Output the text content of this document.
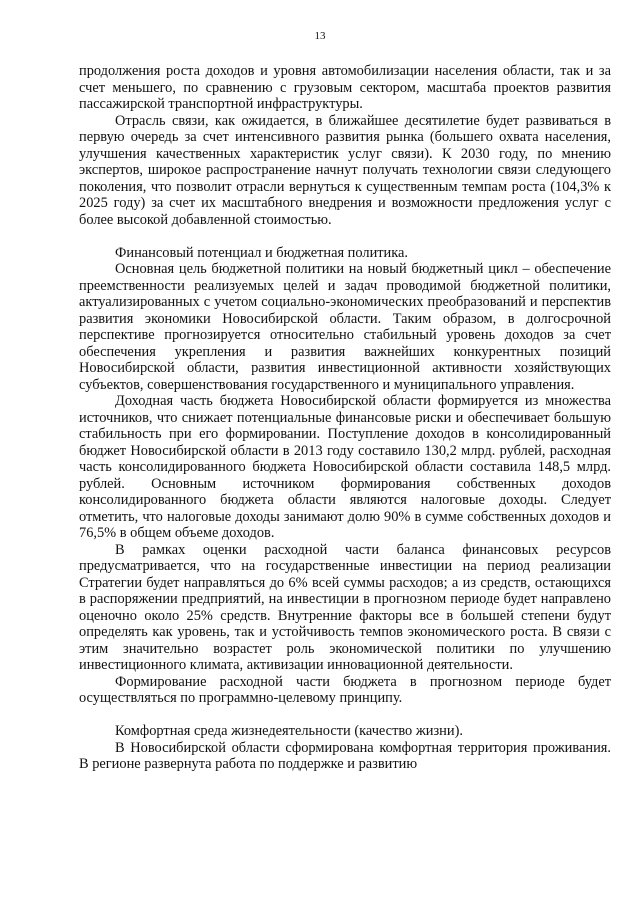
13

продолжения роста доходов и уровня автомобилизации населения области, так и за счет меньшего, по сравнению с грузовым сектором, масштаба проектов развития пассажирской транспортной инфраструктуры.

Отрасль связи, как ожидается, в ближайшее десятилетие будет развиваться в первую очередь за счет интенсивного развития рынка (большего охвата населения, улучшения качественных характеристик услуг связи). К 2030 году, по мнению экспертов, широкое распространение начнут получать технологии связи следующего поколения, что позволит отрасли вернуться к существенным темпам роста (104,3% к 2025 году) за счет их масштабного внедрения и возможности предложения услуг с более высокой добавленной стоимостью.

Финансовый потенциал и бюджетная политика.

Основная цель бюджетной политики на новый бюджетный цикл – обеспечение преемственности реализуемых целей и задач проводимой бюджетной политики, актуализированных с учетом социально-экономических преобразований и перспектив развития экономики Новосибирской области. Таким образом, в долгосрочной перспективе прогнозируется относительно стабильный уровень доходов за счет обеспечения укрепления и развития важнейших конкурентных позиций Новосибирской области, развития инвестиционной активности хозяйствующих субъектов, совершенствования государственного и муниципального управления.

Доходная часть бюджета Новосибирской области формируется из множества источников, что снижает потенциальные финансовые риски и обеспечивает большую стабильность при его формировании. Поступление доходов в консолидированный бюджет Новосибирской области в 2013 году составило 130,2 млрд. рублей, расходная часть консолидированного бюджета Новосибирской области составила 148,5 млрд. рублей. Основным источником формирования собственных доходов консолидированного бюджета области являются налоговые доходы. Следует отметить, что налоговые доходы занимают долю 90% в сумме собственных доходов и 76,5% в общем объеме доходов.

В рамках оценки расходной части баланса финансовых ресурсов предусматривается, что на государственные инвестиции на период реализации Стратегии будет направляться до 6% всей суммы расходов; а из средств, остающихся в распоряжении предприятий, на инвестиции в прогнозном периоде будет направлено оценочно около 25% средств. Внутренние факторы все в большей степени будут определять как уровень, так и устойчивость темпов экономического роста. В связи с этим значительно возрастет роль экономической политики по улучшению инвестиционного климата, активизации инновационной деятельности.

Формирование расходной части бюджета в прогнозном периоде будет осуществляться по программно-целевому принципу.

Комфортная среда жизнедеятельности (качество жизни).

В Новосибирской области сформирована комфортная территория проживания. В регионе развернута работа по поддержке и развитию
